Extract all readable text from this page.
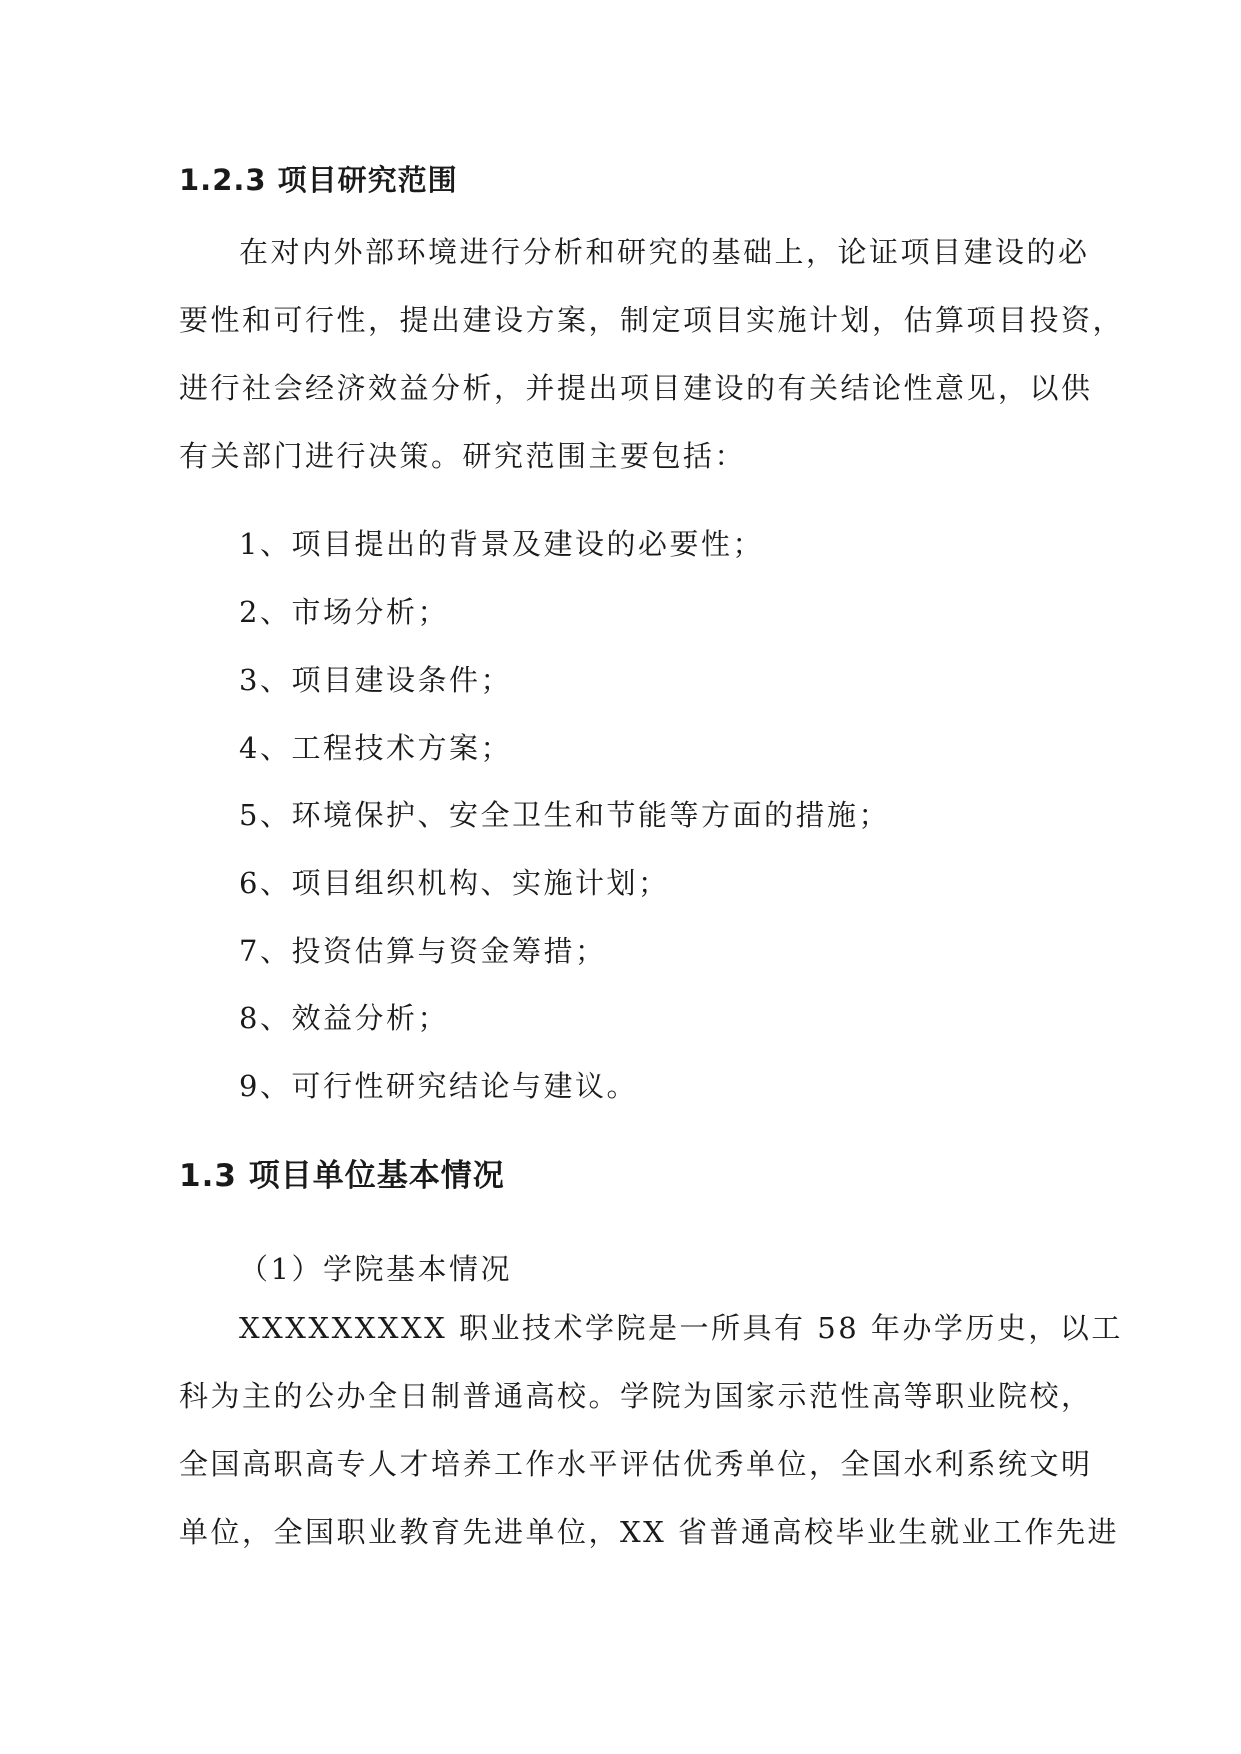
1.2.3 项目研究范围
在对内外部环境进行分析和研究的基础上，论证项目建设的必
要性和可行性，提出建设方案，制定项目实施计划，估算项目投资，
进行社会经济效益分析，并提出项目建设的有关结论性意见，以供
有关部门进行决策。研究范围主要包括：

1、项目提出的背景及建设的必要性；

2、市场分析；

3、项目建设条件；

4、工程技术方案；

5、环境保护、安全卫生和节能等方面的措施；

6、项目组织机构、实施计划；

7、投资估算与资金筹措；

8、效益分析；

9、可行性研究结论与建议。

1.3 项目单位基本情况

（1）学院基本情况

XXXXXXXXX 职业技术学院是一所具有 58 年办学历史，以工
科为主的公办全日制普通高校。学院为国家示范性高等职业院校，
全国高职高专人才培养工作水平评估优秀单位，全国水利系统文明
单位，全国职业教育先进单位，XX 省普通高校毕业生就业工作先进
